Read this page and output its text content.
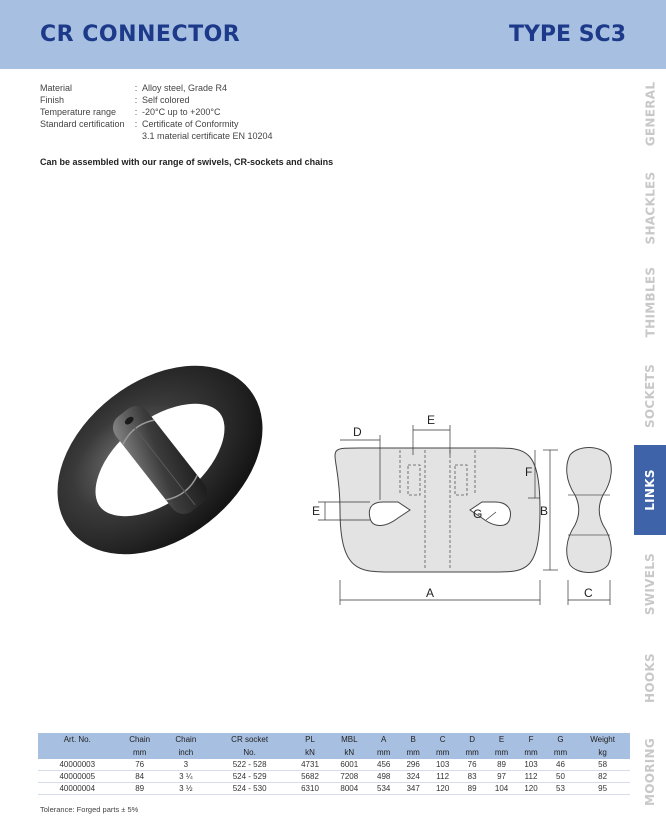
CR CONNECTOR	TYPE SC3
Material	: Alloy steel, Grade R4
Finish	: Self colored
Temperature range	: -20°C up to +200°C
Standard certification	: Certificate of Conformity
3.1 material certificate EN 10204
Can be assembled with our range of swivels, CR-sockets and chains
GENERAL
SHACKLES
THIMBLES
SOCKETS
LINKS
SWIVELS
HOOKS
MOORING
D
E
F
E	G	B
A	C
Art. No.	Chain	Chain	CR socket	PL	MBL	A	B	C	D	E	F	G	Weight
	mm	inch	No.	kN	kN	mm	mm	mm	mm	mm	mm	mm	kg
40000003	76	3	522 - 528	4731	6001	456	296	103	76	89	103	46	58
40000005	84	3 ¼	524 - 529	5682	7208	498	324	112	83	97	112	50	82
40000004	89	3 ½	524 - 530	6310	8004	534	347	120	89	104	120	53	95
Tolerance: Forged parts ± 5%
